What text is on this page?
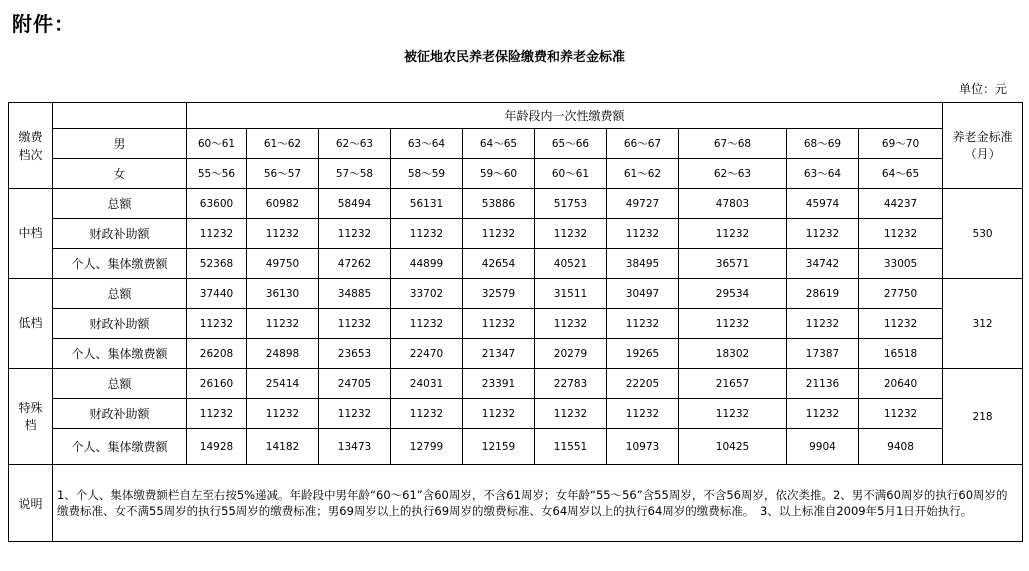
附件：
被征地农民养老保险缴费和养老金标准
单位：元
缴费
档次		年龄段内一次性缴费额										养老金标准
（月）
	男	60～61	61～62	62～63	63～64	64～65	65～66	66～67	67～68	68～69	69～70	
	女	55～56	56～57	57～58	58～59	59～60	60～61	61～62	62～63	63～64	64～65	
中档	总额	63600	60982	58494	56131	53886	51753	49727	47803	45974	44237	530
	财政补助额	11232	11232	11232	11232	11232	11232	11232	11232	11232	11232	
	个人、集体缴费额	52368	49750	47262	44899	42654	40521	38495	36571	34742	33005	
低档	总额	37440	36130	34885	33702	32579	31511	30497	29534	28619	27750	312
	财政补助额	11232	11232	11232	11232	11232	11232	11232	11232	11232	11232	
	个人、集体缴费额	26208	24898	23653	22470	21347	20279	19265	18302	17387	16518	
特殊档	总额	26160	25414	24705	24031	23391	22783	22205	21657	21136	20640	218
	财政补助额	11232	11232	11232	11232	11232	11232	11232	11232	11232	11232	
	个人、集体缴费额	14928	14182	13473	12799	12159	11551	10973	10425	9904	9408	
说明	1、个人、集体缴费额栏自左至右按5%递减。年龄段中男年龄“60～61”含60周岁，不含61周岁；女年龄“55～56”含55周岁，不含56周岁，依次类推。2、男不满60周岁的执行60周岁的缴费标准、女不满55周岁的执行55周岁的缴费标准；男69周岁以上的执行69周岁的缴费标准、女64周岁以上的执行64周岁的缴费标准。　3、以上标准自2009年5月1日开始执行。											
